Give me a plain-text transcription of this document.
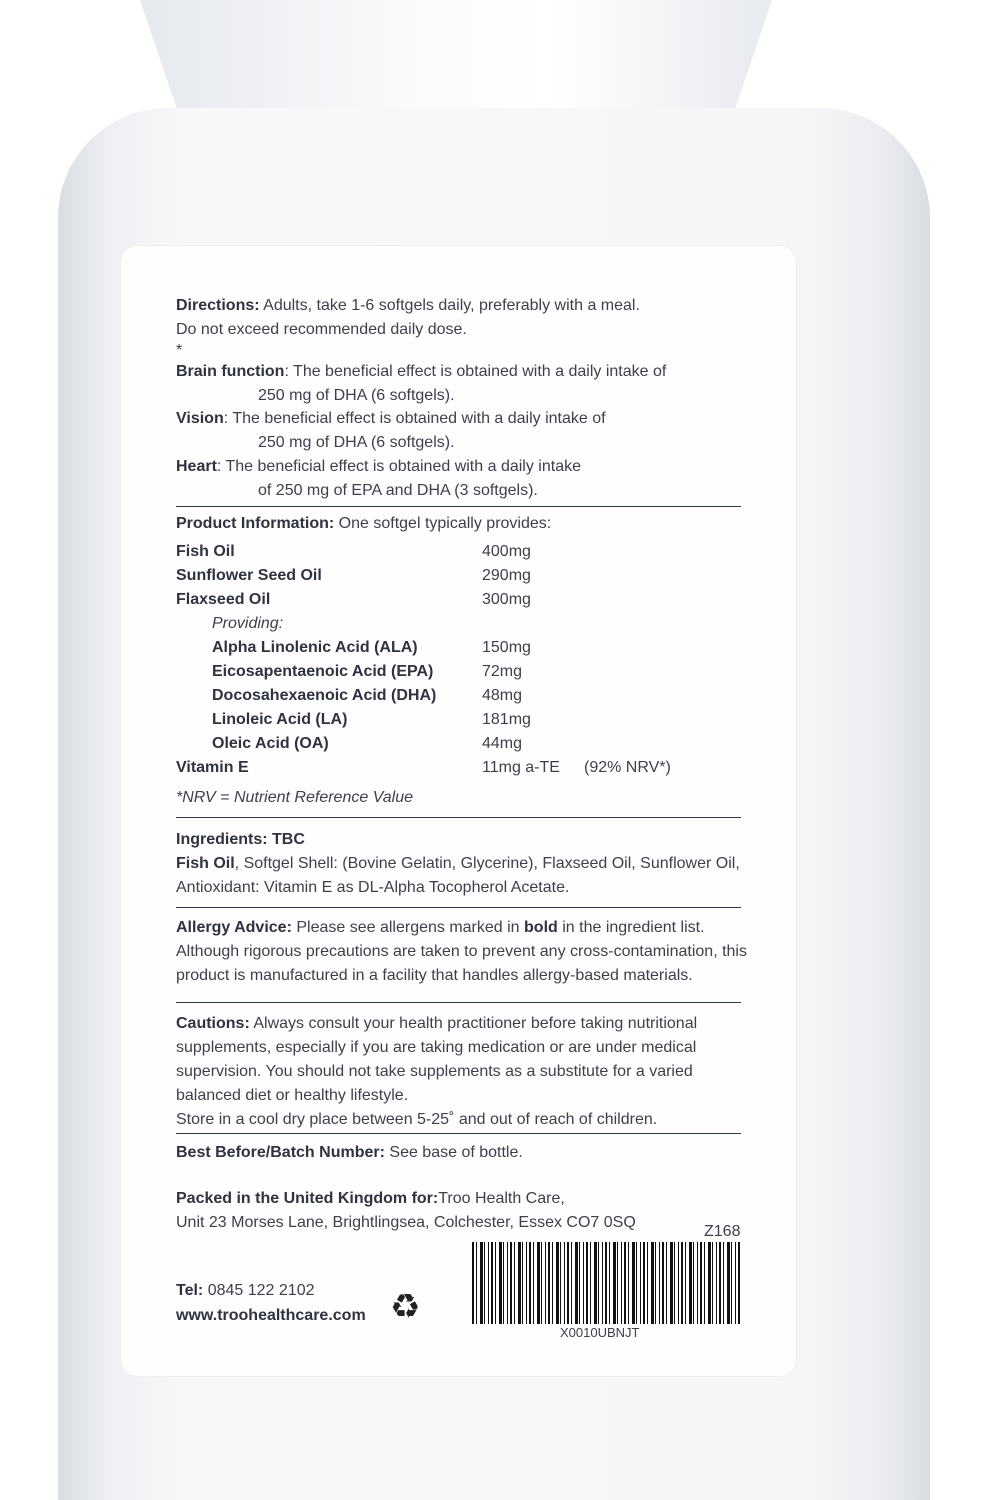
Directions: Adults, take 1-6 softgels daily, preferably with a meal.
Do not exceed recommended daily dose.
*
Brain function: The beneficial effect is obtained with a daily intake of
250 mg of DHA (6 softgels).
Vision: The beneficial effect is obtained with a daily intake of
250 mg of DHA (6 softgels).
Heart: The beneficial effect is obtained with a daily intake
of 250 mg of EPA and DHA (3 softgels).
Product Information: One softgel typically provides:
Fish Oil	400mg
Sunflower Seed Oil	290mg
Flaxseed Oil	300mg
Providing:
Alpha Linolenic Acid (ALA)	150mg
Eicosapentaenoic Acid (EPA)	72mg
Docosahexaenoic Acid (DHA)	48mg
Linoleic Acid (LA)	181mg
Oleic Acid (OA)	44mg
Vitamin E	11mg a-TE (92% NRV*)
*NRV = Nutrient Reference Value
Ingredients: TBC
Fish Oil, Softgel Shell: (Bovine Gelatin, Glycerine), Flaxseed Oil, Sunflower Oil,
Antioxidant: Vitamin E as DL-Alpha Tocopherol Acetate.
Allergy Advice: Please see allergens marked in bold in the ingredient list.
Although rigorous precautions are taken to prevent any cross-contamination, this
product is manufactured in a facility that handles allergy-based materials.
Cautions: Always consult your health practitioner before taking nutritional
supplements, especially if you are taking medication or are under medical
supervision. You should not take supplements as a substitute for a varied
balanced diet or healthy lifestyle.
Store in a cool dry place between 5-25˚ and out of reach of children.
Best Before/Batch Number: See base of bottle.
Packed in the United Kingdom for:Troo Health Care,
Unit 23 Morses Lane, Brightlingsea, Colchester, Essex CO7 0SQ
Z168
Tel: 0845 122 2102
www.troohealthcare.com ♻
X0010UBNJT
